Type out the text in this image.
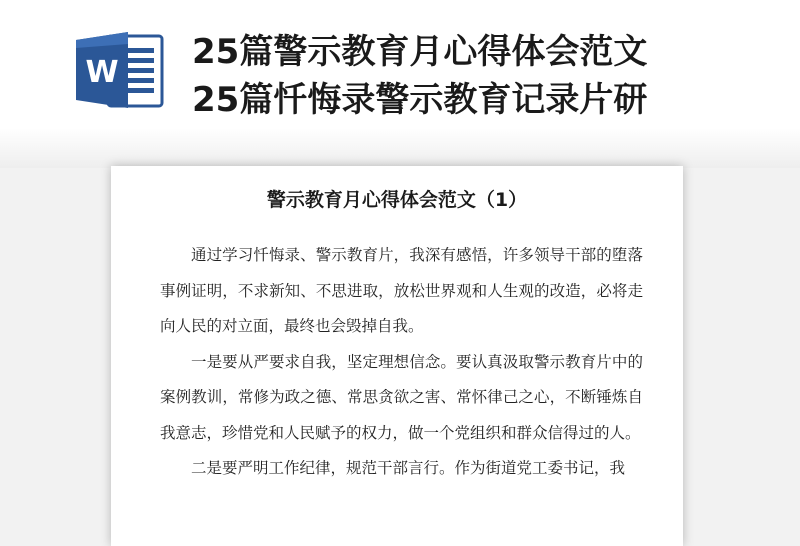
W
25篇警示教育月心得体会范文
25篇忏悔录警示教育记录片研
警示教育月心得体会范文（1）

通过学习忏悔录、警示教育片，我深有感悟，许多领导干部的堕落事例证明，不求新知、不思进取，放松世界观和人生观的改造，必将走向人民的对立面，最终也会毁掉自我。

一是要从严要求自我，坚定理想信念。要认真汲取警示教育片中的案例教训，常修为政之德、常思贪欲之害、常怀律己之心，不断锤炼自我意志，珍惜党和人民赋予的权力，做一个党组织和群众信得过的人。

二是要严明工作纪律，规范干部言行。作为街道党工委书记，我
